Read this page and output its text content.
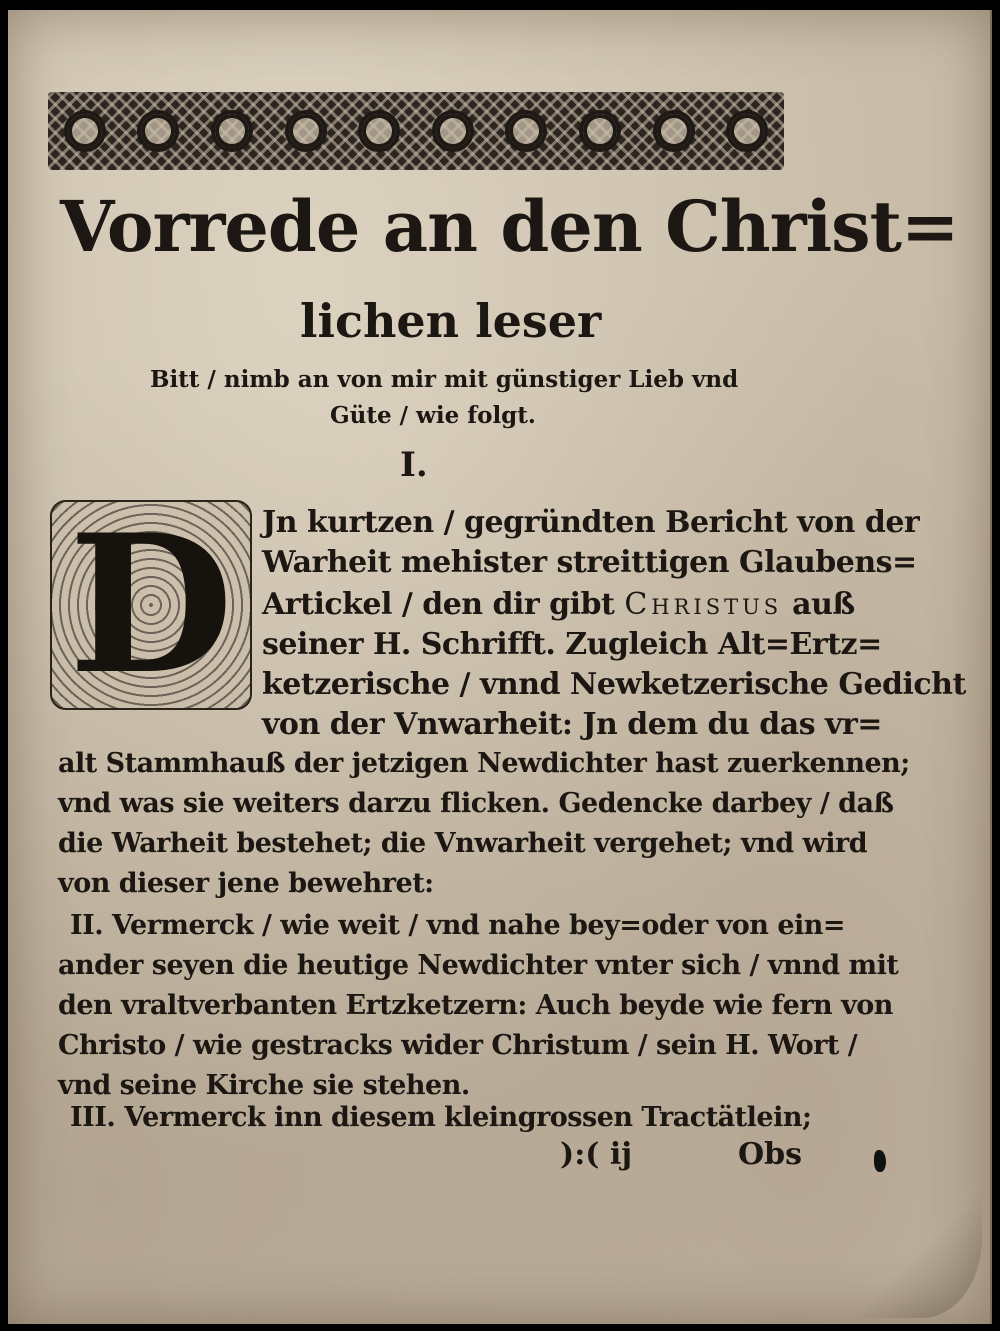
Vorrede an den Christ=
lichen leser
Bitt / nimb an von mir mit günstiger Lieb vnd
Güte / wie folgt.
I.
D Jn kurtzen / gegründten Bericht von der
Warheit mehister streittigen Glaubens=
Artickel / den dir gibt Christus auß
seiner H. Schrifft. Zugleich Alt=Ertz=
ketzerische / vnnd Newketzerische Gedicht
von der Vnwarheit: Jn dem du das vr=
alt Stammhauß der jetzigen Newdichter hast zuerkennen;
vnd was sie weiters darzu flicken. Gedencke darbey / daß
die Warheit bestehet; die Vnwarheit vergehet; vnd wird
von dieser jene bewehret:
II. Vermerck / wie weit / vnd nahe bey=oder von ein=
ander seyen die heutige Newdichter vnter sich / vnnd mit
den vraltverbanten Ertzketzern: Auch beyde wie fern von
Christo / wie gestracks wider Christum / sein H. Wort /
vnd seine Kirche sie stehen.
III. Vermerck inn diesem kleingrossen Tractätlein;
):( ij	Obs
